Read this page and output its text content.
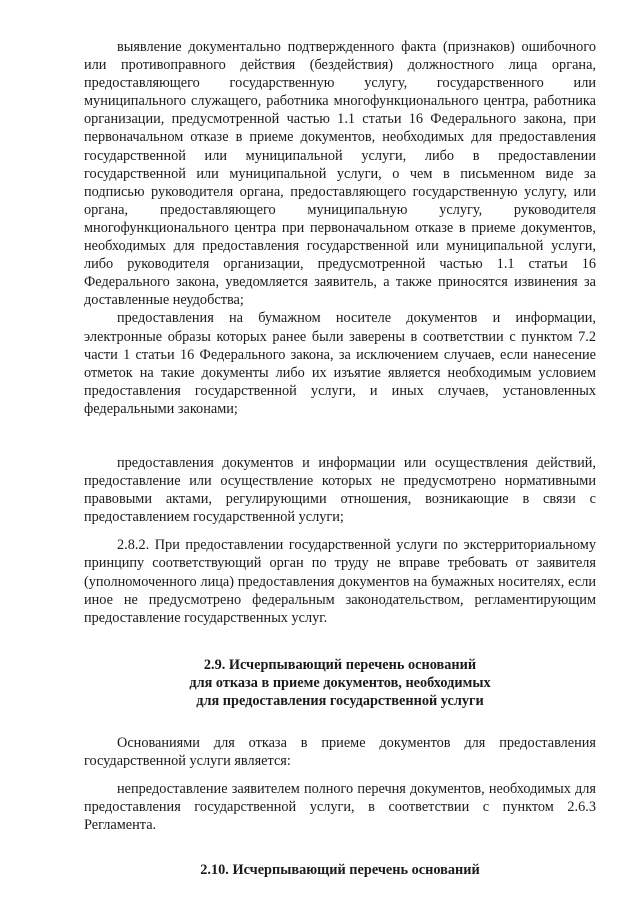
выявление документально подтвержденного факта (признаков) ошибочного или противоправного действия (бездействия) должностного лица органа, предоставляющего государственную услугу, государственного или муниципального служащего, работника многофункционального центра, работника организации, предусмотренной частью 1.1 статьи 16 Федерального закона, при первоначальном отказе в приеме документов, необходимых для предоставления государственной или муниципальной услуги, либо в предоставлении государственной или муниципальной услуги, о чем в письменном виде за подписью руководителя органа, предоставляющего государственную услугу, или органа, предоставляющего муниципальную услугу, руководителя многофункционального центра при первоначальном отказе в приеме документов, необходимых для предоставления государственной или муниципальной услуги, либо руководителя организации, предусмотренной частью 1.1 статьи 16 Федерального закона, уведомляется заявитель, а также приносятся извинения за доставленные неудобства;

предоставления на бумажном носителе документов и информации, электронные образы которых ранее были заверены в соответствии с пунктом 7.2 части 1 статьи 16 Федерального закона, за исключением случаев, если нанесение отметок на такие документы либо их изъятие является необходимым условием предоставления государственной услуги, и иных случаев, установленных федеральными законами;

предоставления документов и информации или осуществления действий, предоставление или осуществление которых не предусмотрено нормативными правовыми актами, регулирующими отношения, возникающие в связи с предоставлением государственной услуги;

2.8.2. При предоставлении государственной услуги по экстерриториальному принципу соответствующий орган по труду не вправе требовать от заявителя (уполномоченного лица) предоставления документов на бумажных носителях, если иное не предусмотрено федеральным законодательством, регламентирующим предоставление государственных услуг.

2.9. Исчерпывающий перечень оснований
для отказа в приеме документов, необходимых
для предоставления государственной услуги

Основаниями для отказа в приеме документов для предоставления государственной услуги является:

непредоставление заявителем полного перечня документов, необходимых для предоставления государственной услуги, в соответствии с пунктом 2.6.3 Регламента.

2.10. Исчерпывающий перечень оснований
